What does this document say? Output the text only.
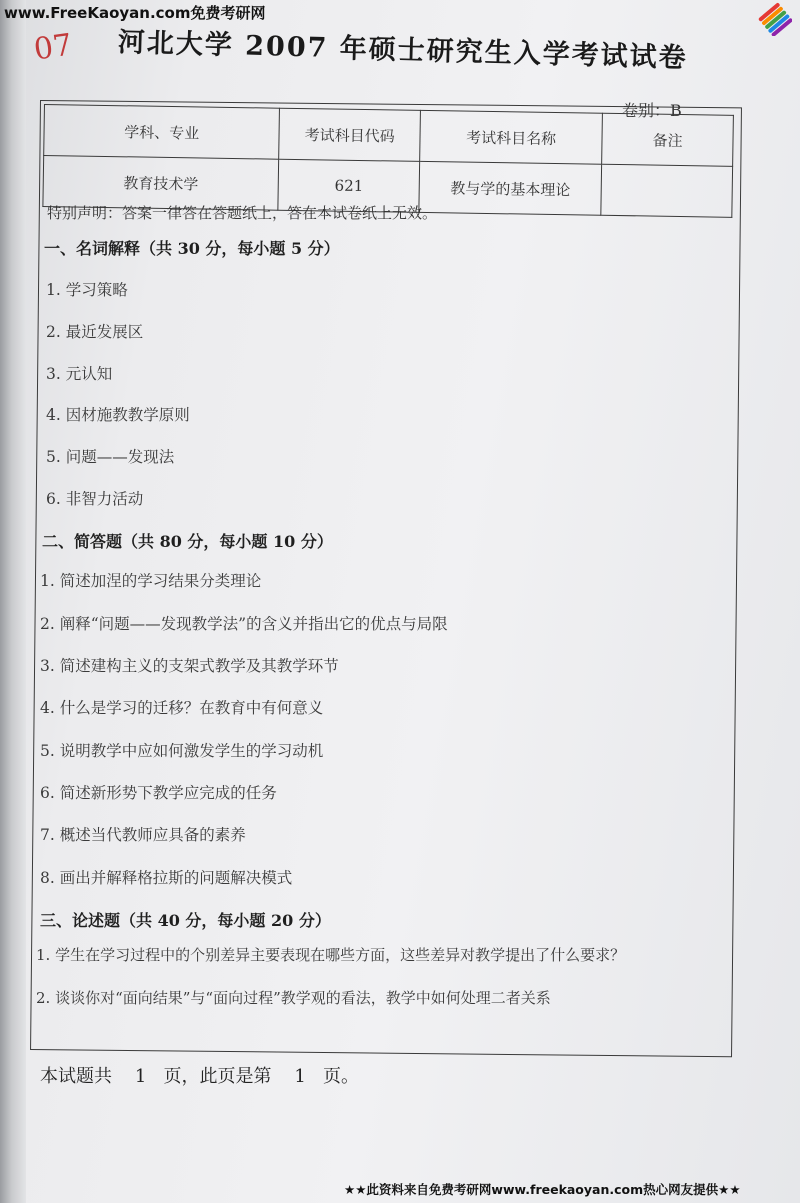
www.FreeKaoyan.com免费考研网
07 河北大学 2007 年硕士研究生入学考试试卷
卷别：B
学科、专业	考试科目代码	考试科目名称	备注
教育技术学	621	教与学的基本理论	
特别声明：答案一律答在答题纸上，答在本试卷纸上无效。
一、名词解释（共 30 分，每小题 5 分）
1. 学习策略
2. 最近发展区
3. 元认知
4. 因材施教教学原则
5. 问题——发现法
6. 非智力活动
二、简答题（共 80 分，每小题 10 分）
1. 简述加涅的学习结果分类理论
2. 阐释“问题——发现教学法”的含义并指出它的优点与局限
3. 简述建构主义的支架式教学及其教学环节
4. 什么是学习的迁移？在教育中有何意义
5. 说明教学中应如何激发学生的学习动机
6. 简述新形势下教学应完成的任务
7. 概述当代教师应具备的素养
8. 画出并解释格拉斯的问题解决模式
三、论述题（共 40 分，每小题 20 分）
1. 学生在学习过程中的个别差异主要表现在哪些方面，这些差异对教学提出了什么要求？
2. 谈谈你对“面向结果”与“面向过程”教学观的看法，教学中如何处理二者关系
本试题共    1   页，此页是第    1   页。
★★此资料来自免费考研网www.freekaoyan.com热心网友提供★★
